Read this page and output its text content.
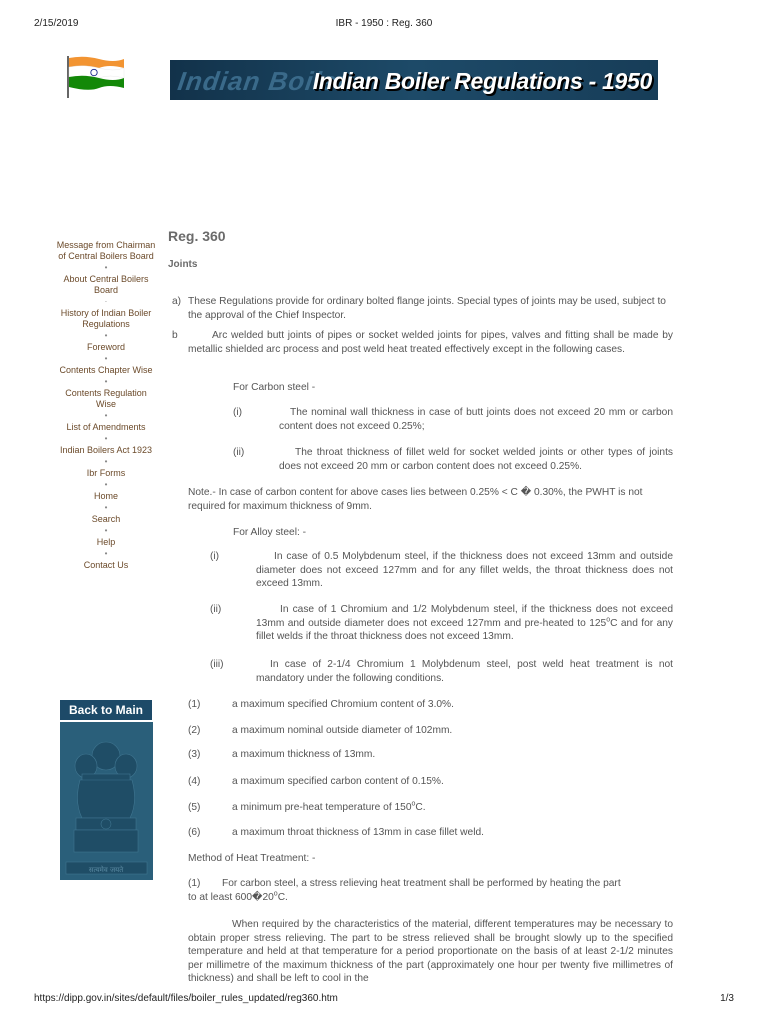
2/15/2019	IBR - 1950 : Reg. 360
Indian Boiler
Indian Boiler Regulations - 1950
Message from Chairman of Central Boilers Board
•
About Central Boilers Board
·
History of Indian Boiler Regulations
•
Foreword
•
Contents Chapter Wise
•
Contents Regulation Wise
•
List of Amendments
•
Indian Boilers Act 1923
•
Ibr Forms
•
Home
•
Search
•
Help
•
Contact Us
Back to Main
सत्यमेव जयते
Reg. 360
Joints
a) These Regulations provide for ordinary bolted flange joints. Special types of joints may be used, subject to the approval of the Chief Inspector.
b	Arc welded butt joints of pipes or socket welded joints for pipes, valves and fitting shall be made by metallic shielded arc process and post weld heat treated effectively except in the following cases.
For Carbon steel -
(i)	The nominal wall thickness in case of butt joints does not exceed 20 mm or carbon content does not exceed 0.25%;
(ii)	The throat thickness of fillet weld for socket welded joints or other types of joints does not exceed 20 mm or carbon content does not exceed 0.25%.
Note.- In case of carbon content for above cases lies between 0.25% < C � 0.30%, the PWHT is not required for maximum thickness of 9mm.
For Alloy steel: -
(i)	In case of 0.5 Molybdenum steel, if the thickness does not exceed 13mm and outside diameter does not exceed 127mm and for any fillet welds, the throat thickness does not exceed 13mm.
(ii)	In case of 1 Chromium and 1/2 Molybdenum steel, if the thickness does not exceed 13mm and outside diameter does not exceed 127mm and pre-heated to 125$^o$C and for any fillet welds if the throat thickness does not exceed 13mm.
(iii)	In case of 2-1/4 Chromium 1 Molybdenum steel, post weld heat treatment is not mandatory under the following conditions.
(1)	a maximum specified Chromium content of 3.0%.
(2)	a maximum nominal outside diameter of 102mm.
(3)	a maximum thickness of 13mm.
(4)	a maximum specified carbon content of 0.15%.
(5)	a minimum pre-heat temperature of 150$^o$C.
(6)	a maximum throat thickness of 13mm in case fillet weld.
Method of Heat Treatment: -
(1) For carbon steel, a stress relieving heat treatment shall be performed by heating the part
to at least 600�20$^o$C.
When required by the characteristics of the material, different temperatures may be necessary to obtain proper stress relieving. The part to be stress relieved shall be brought slowly up to the specified temperature and held at that temperature for a period proportionate on the basis of at least 2-1/2 minutes per millimetre of the maximum thickness of the part (approximately one hour per twenty five millimetres of thickness) and shall be left to cool in the
https://dipp.gov.in/sites/default/files/boiler_rules_updated/reg360.htm	1/3
